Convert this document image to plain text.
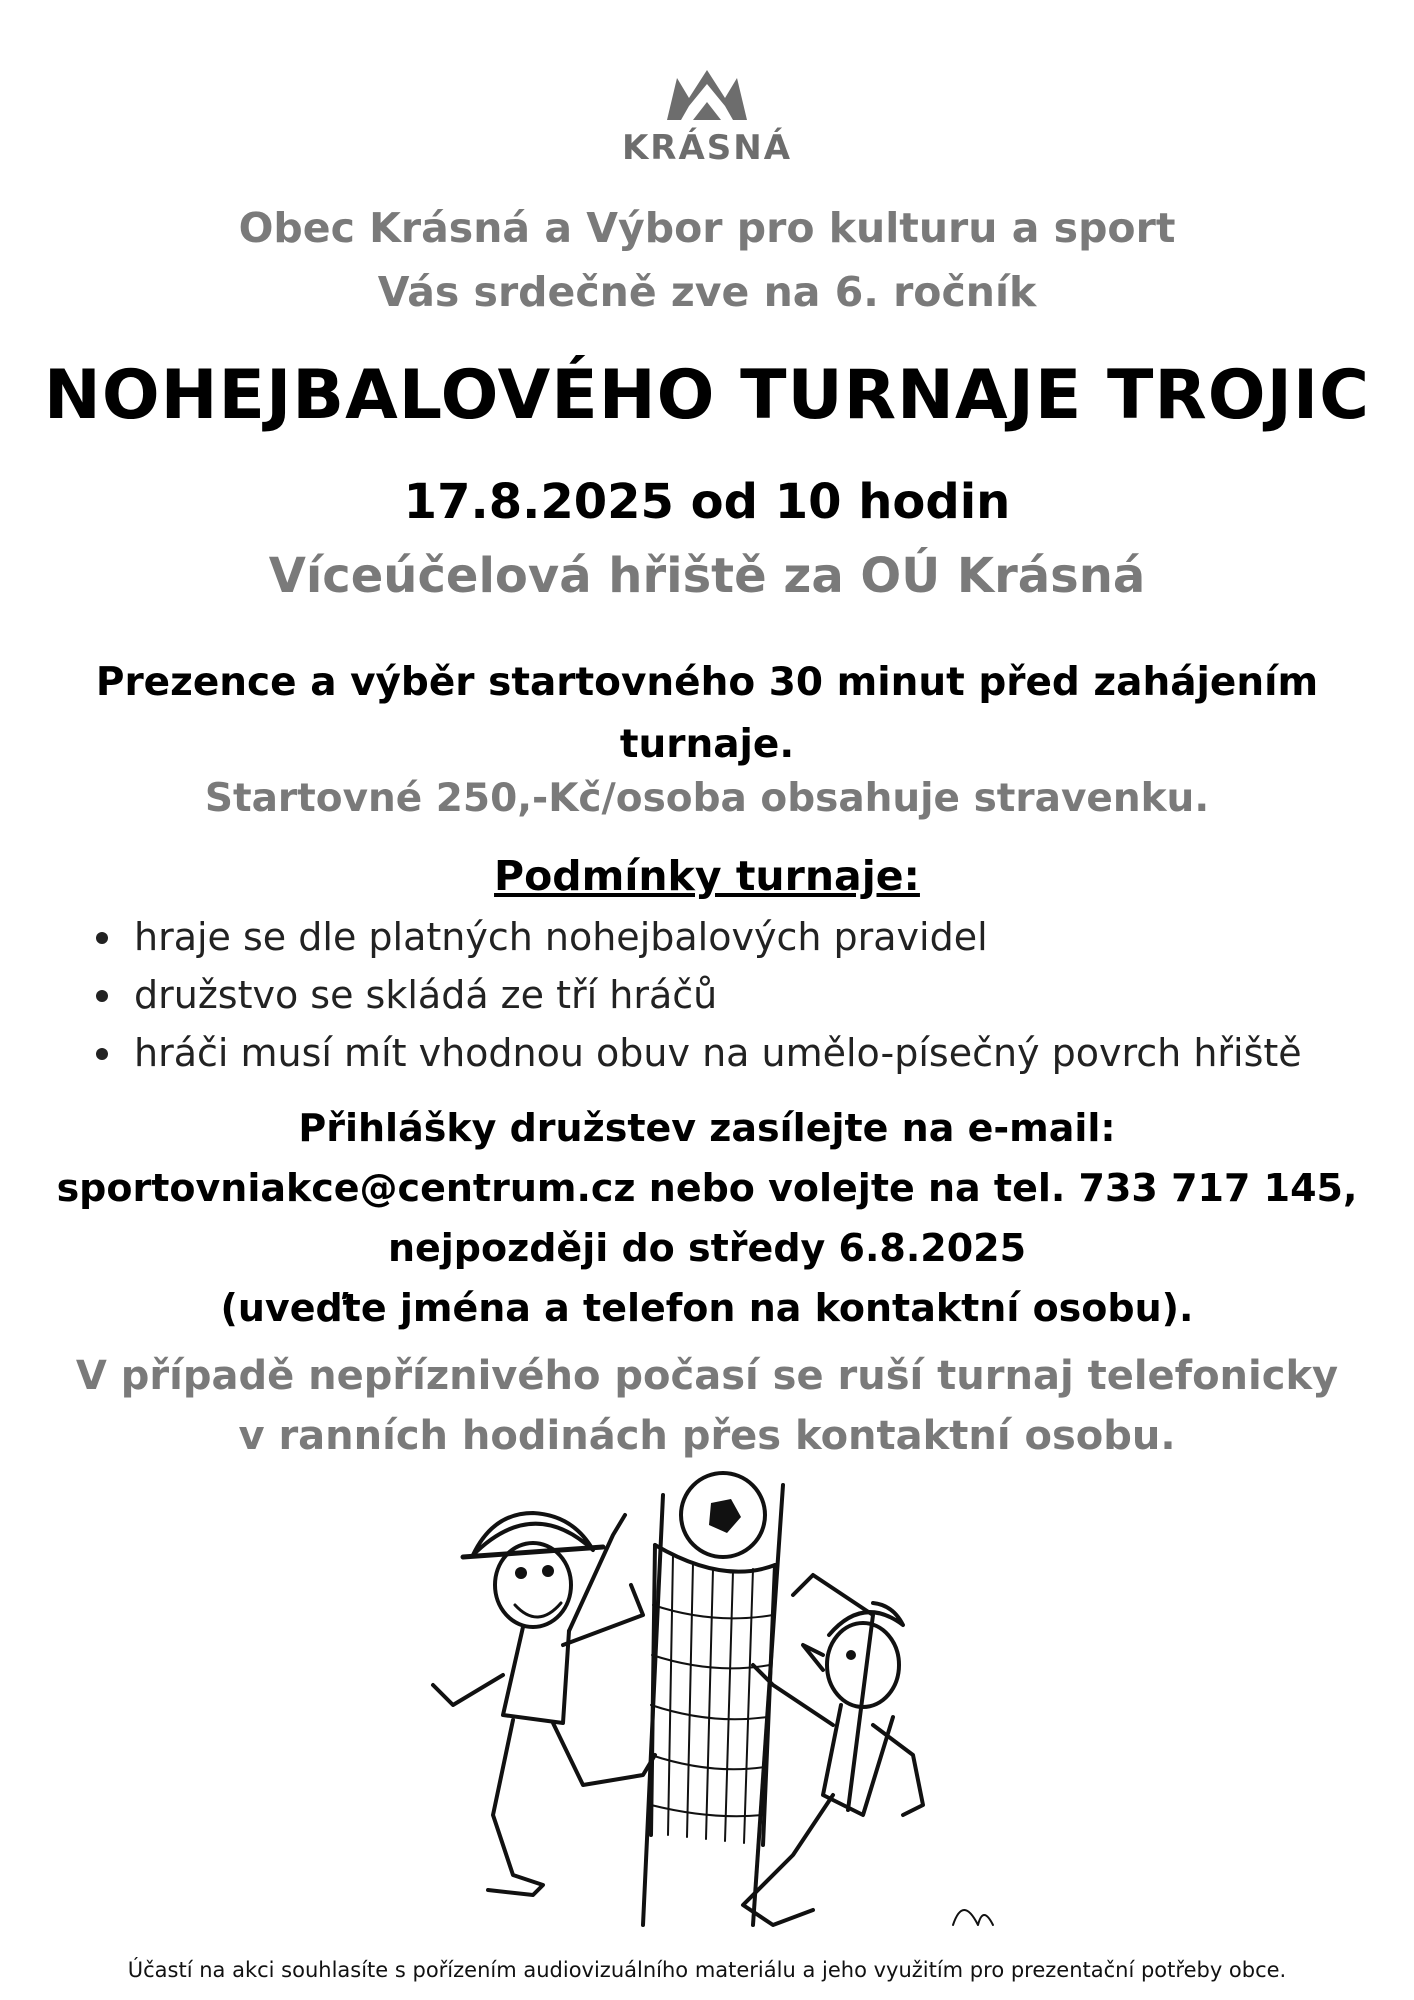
KRÁSNÁ
Obec Krásná a Výbor pro kulturu a sport
Vás srdečně zve na 6. ročník
NOHEJBALOVÉHO TURNAJE TROJIC
17.8.2025 od 10 hodin
Víceúčelová hřiště za OÚ Krásná
Prezence a výběr startovného 30 minut před zahájením
turnaje.
Startovné 250,-Kč/osoba obsahuje stravenku.
Podmínky turnaje:
hraje se dle platných nohejbalových pravidel
družstvo se skládá ze tří hráčů
hráči musí mít vhodnou obuv na umělo-písečný povrch hřiště
Přihlášky družstev zasílejte na e-mail:
sportovniakce@centrum.cz nebo volejte na tel. 733 717 145,
nejpozději do středy 6.8.2025
(uveďte jména a telefon na kontaktní osobu).
V případě nepříznivého počasí se ruší turnaj telefonicky
v ranních hodinách přes kontaktní osobu.
Účastí na akci souhlasíte s pořízením audiovizuálního materiálu a jeho využitím pro prezentační potřeby obce.
